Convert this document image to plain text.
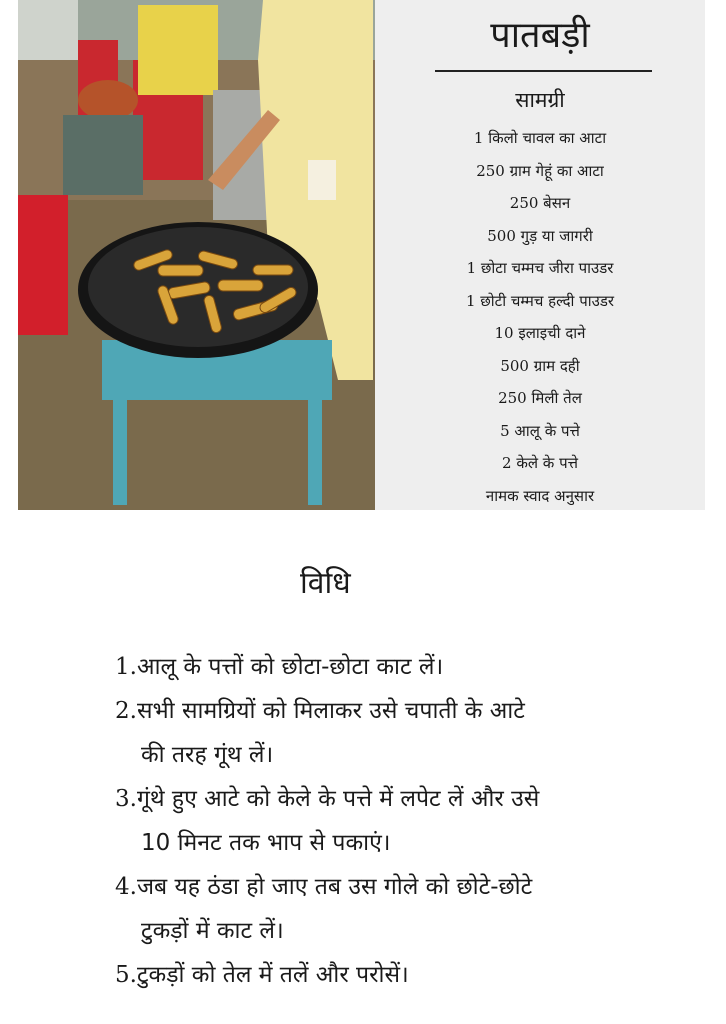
पातबड़ी
सामग्री
1 किलो चावल का आटा
250 ग्राम गेहूं का आटा
250 बेसन
500 गुड़ या जागरी
1 छोटा चम्मच जीरा पाउडर
1 छोटी चम्मच हल्दी पाउडर
10 इलाइची दाने
500 ग्राम दही
250 मिली तेल
5 आलू के पत्ते
2 केले के पत्ते
नामक स्वाद अनुसार
विधि
1.आलू के पत्तों को छोटा-छोटा काट लें।
2.सभी सामग्रियों को मिलाकर उसे चपाती के आटे
की तरह गूंथ लें।
3.गूंथे हुए आटे को केले के पत्ते में लपेट लें और उसे
10 मिनट तक भाप से पकाएं।
4.जब यह ठंडा हो जाए तब उस गोले को छोटे-छोटे
टुकड़ों में काट लें।
5.टुकड़ों को तेल में तलें और परोसें।
